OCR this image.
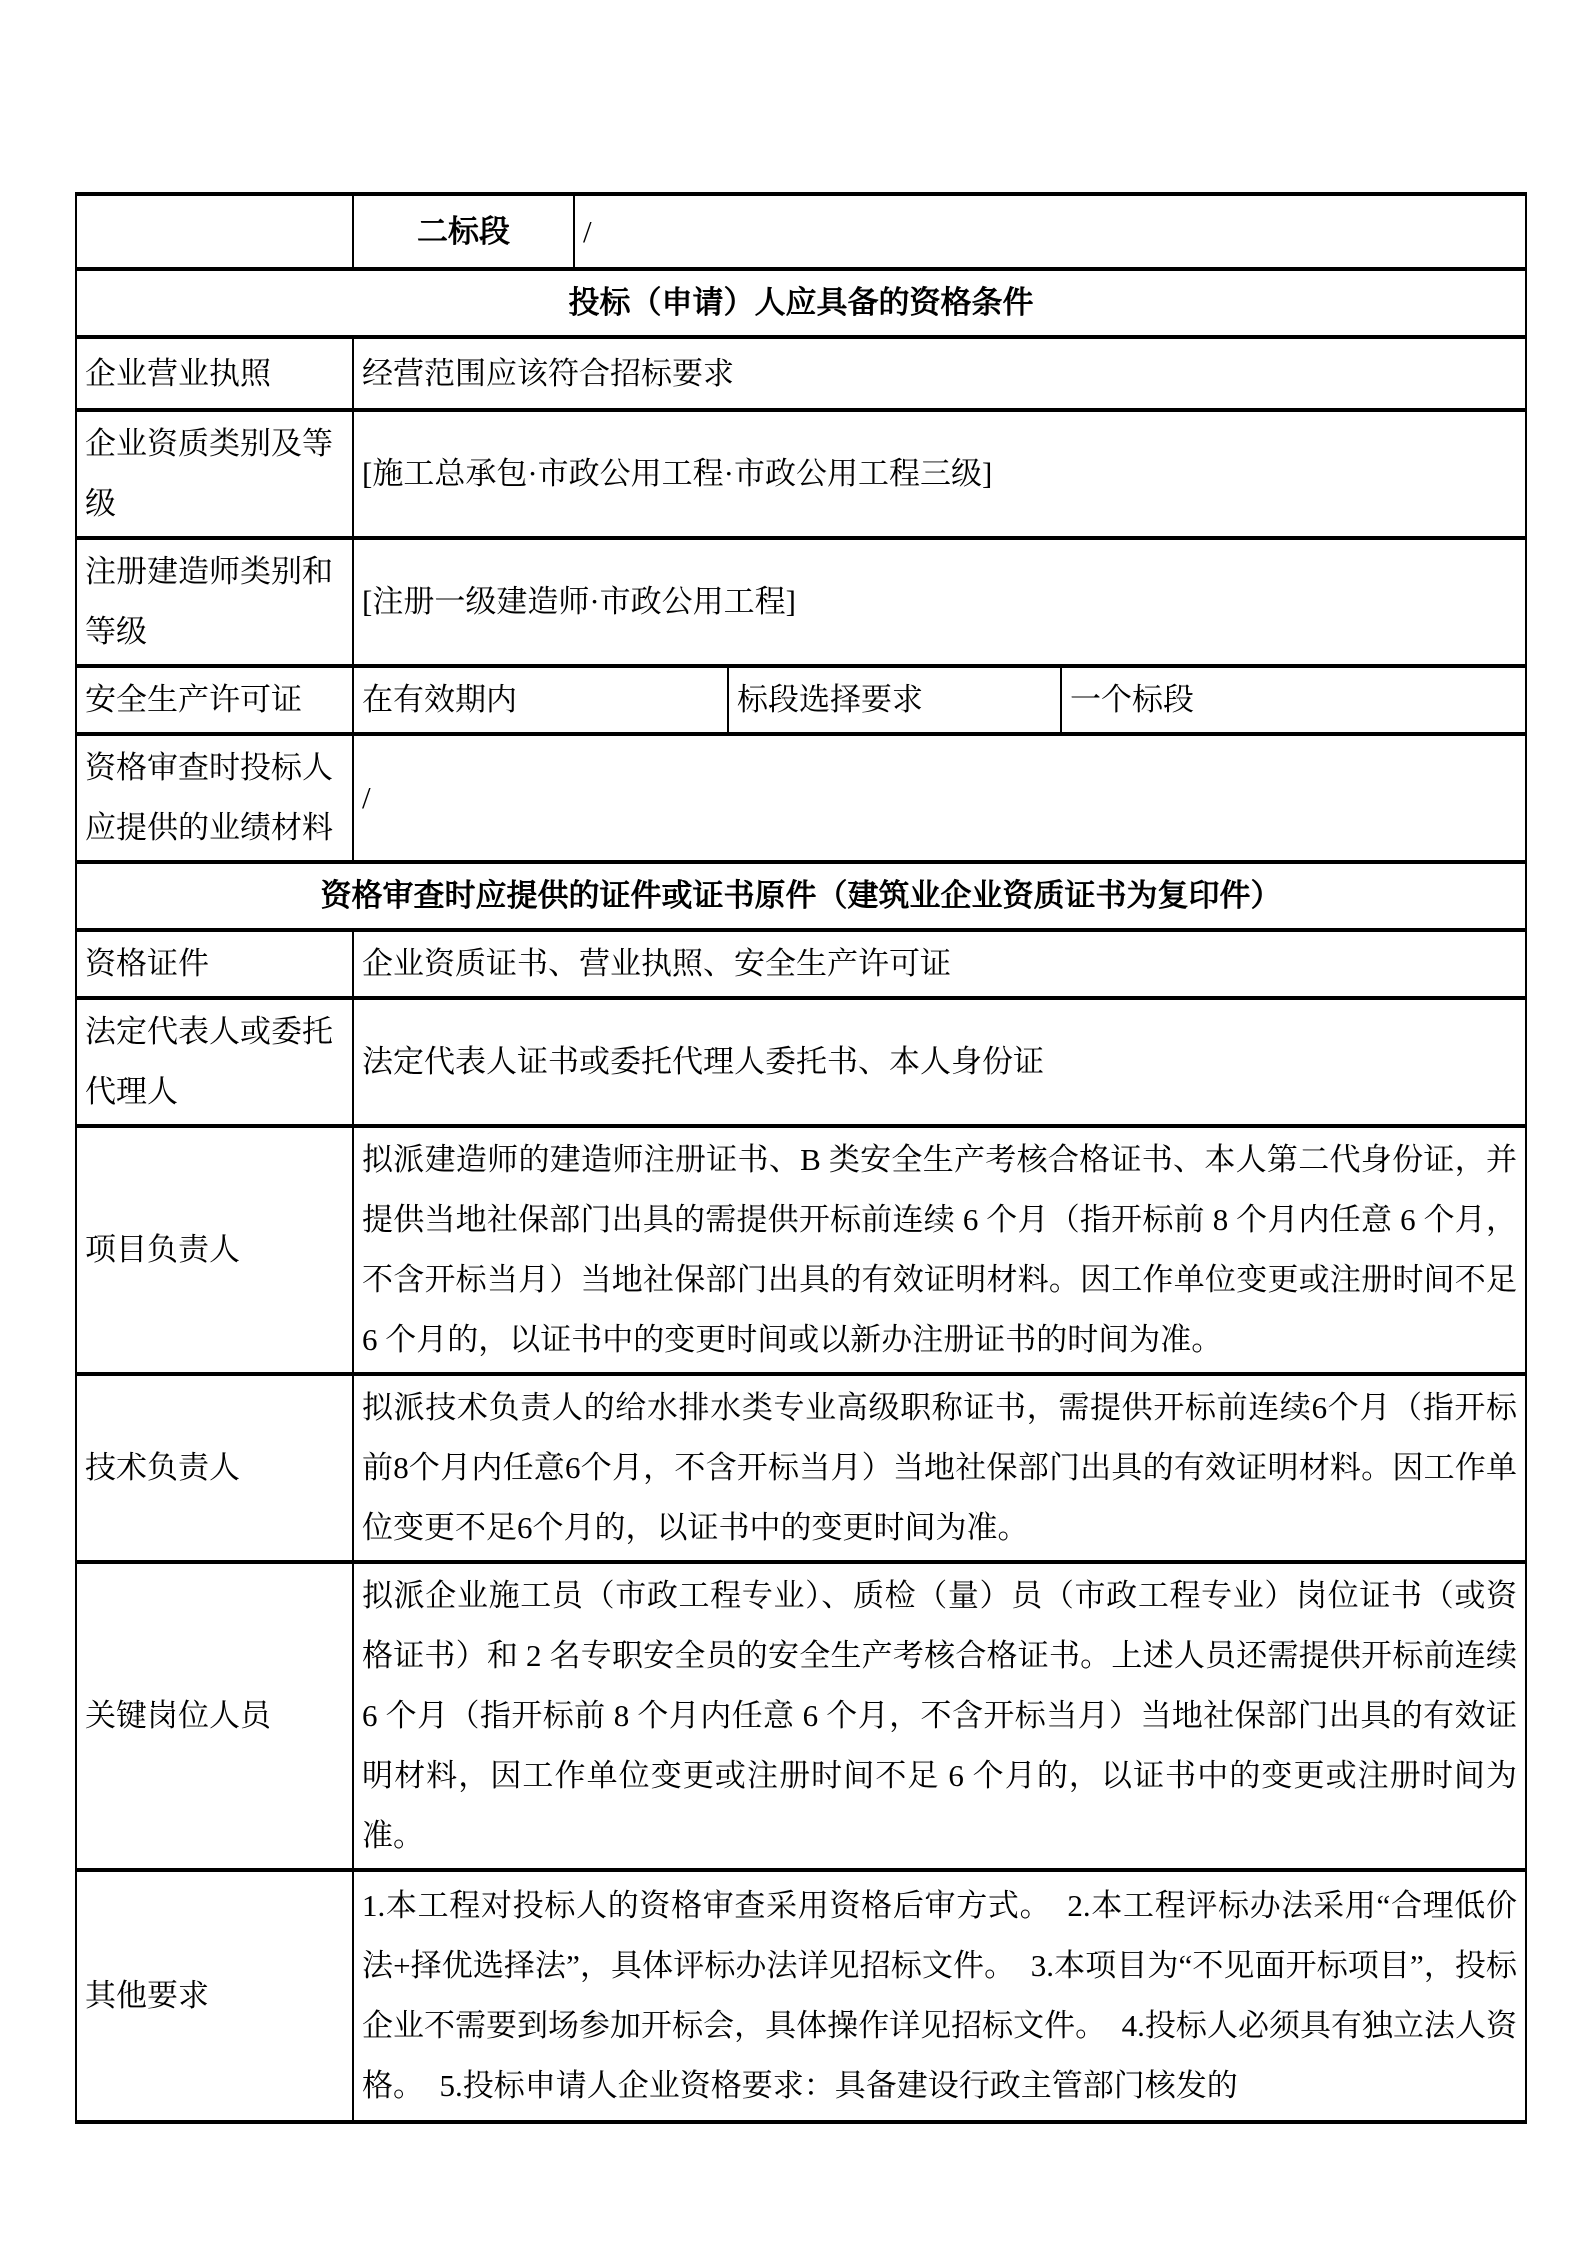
	二标段	/		
投标（申请）人应具备的资格条件				
企业营业执照	经营范围应该符合招标要求			
企业资质类别及等级	[施工总承包·市政公用工程·市政公用工程三级]			
注册建造师类别和等级	[注册一级建造师·市政公用工程]			
安全生产许可证	在有效期内		标段选择要求	一个标段
资格审查时投标人应提供的业绩材料	/			
资格审查时应提供的证件或证书原件（建筑业企业资质证书为复印件）				
资格证件	企业资质证书、营业执照、安全生产许可证			
法定代表人或委托代理人	法定代表人证书或委托代理人委托书、本人身份证			
项目负责人	拟派建造师的建造师注册证书、B 类安全生产考核合格证书、本人第二代身份证，并提供当地社保部门出具的需提供开标前连续 6 个月（指开标前 8 个月内任意 6 个月，不含开标当月）当地社保部门出具的有效证明材料。因工作单位变更或注册时间不足 6 个月的，以证书中的变更时间或以新办注册证书的时间为准。			
技术负责人	拟派技术负责人的给水排水类专业高级职称证书，需提供开标前连续6个月（指开标前8个月内任意6个月，不含开标当月）当地社保部门出具的有效证明材料。因工作单位变更不足6个月的，以证书中的变更时间为准。			
关键岗位人员	拟派企业施工员（市政工程专业）、质检（量）员（市政工程专业）岗位证书（或资格证书）和 2 名专职安全员的安全生产考核合格证书。上述人员还需提供开标前连续 6 个月（指开标前 8 个月内任意 6 个月，不含开标当月）当地社保部门出具的有效证明材料，因工作单位变更或注册时间不足 6 个月的，以证书中的变更或注册时间为准。			
其他要求	1.本工程对投标人的资格审查采用资格后审方式。　2.本工程评标办法采用“合理低价法+择优选择法”，具体评标办法详见招标文件。　3.本项目为“不见面开标项目”，投标企业不需要到场参加开标会，具体操作详见招标文件。　4.投标人必须具有独立法人资格。　5.投标申请人企业资格要求：具备建设行政主管部门核发的			
